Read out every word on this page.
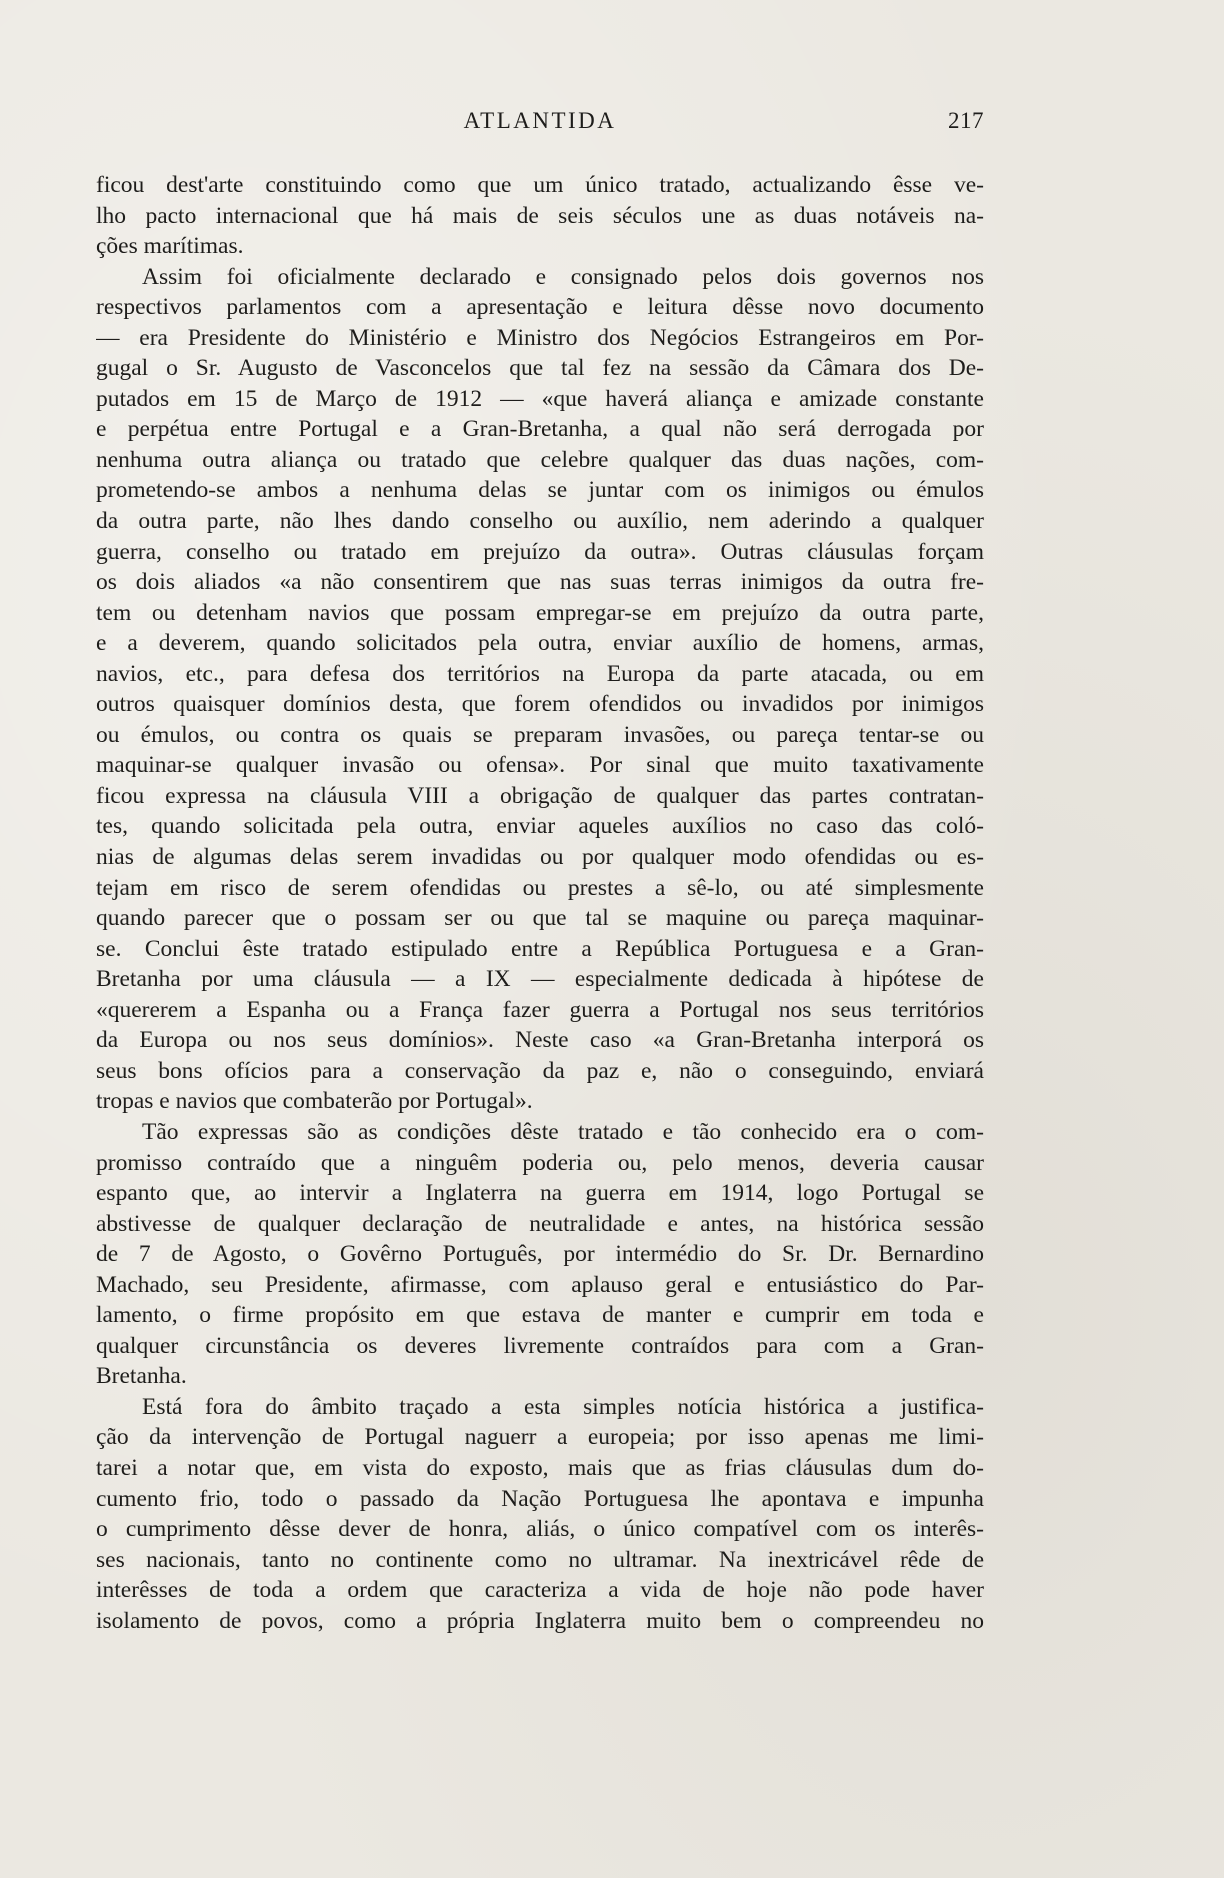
ATLANTIDA	217
ficou dest'arte constituindo como que um único tratado, actualizando êsse ve-
lho pacto internacional que há mais de seis séculos une as duas notáveis na-
ções marítimas.
Assim foi oficialmente declarado e consignado pelos dois governos nos
respectivos parlamentos com a apresentação e leitura dêsse novo documento
— era Presidente do Ministério e Ministro dos Negócios Estrangeiros em Por-
gugal o Sr. Augusto de Vasconcelos que tal fez na sessão da Câmara dos De-
putados em 15 de Março de 1912 — «que haverá aliança e amizade constante
e perpétua entre Portugal e a Gran-Bretanha, a qual não será derrogada por
nenhuma outra aliança ou tratado que celebre qualquer das duas nações, com-
prometendo-se ambos a nenhuma delas se juntar com os inimigos ou émulos
da outra parte, não lhes dando conselho ou auxílio, nem aderindo a qualquer
guerra, conselho ou tratado em prejuízo da outra». Outras cláusulas forçam
os dois aliados «a não consentirem que nas suas terras inimigos da outra fre-
tem ou detenham navios que possam empregar-se em prejuízo da outra parte,
e a deverem, quando solicitados pela outra, enviar auxílio de homens, armas,
navios, etc., para defesa dos territórios na Europa da parte atacada, ou em
outros quaisquer domínios desta, que forem ofendidos ou invadidos por inimigos
ou émulos, ou contra os quais se preparam invasões, ou pareça tentar-se ou
maquinar-se qualquer invasão ou ofensa». Por sinal que muito taxativamente
ficou expressa na cláusula VIII a obrigação de qualquer das partes contratan-
tes, quando solicitada pela outra, enviar aqueles auxílios no caso das coló-
nias de algumas delas serem invadidas ou por qualquer modo ofendidas ou es-
tejam em risco de serem ofendidas ou prestes a sê-lo, ou até simplesmente
quando parecer que o possam ser ou que tal se maquine ou pareça maquinar-
se. Conclui êste tratado estipulado entre a República Portuguesa e a Gran-
Bretanha por uma cláusula — a IX — especialmente dedicada à hipótese de
«quererem a Espanha ou a França fazer guerra a Portugal nos seus territórios
da Europa ou nos seus domínios». Neste caso «a Gran-Bretanha interporá os
seus bons ofícios para a conservação da paz e, não o conseguindo, enviará
tropas e navios que combaterão por Portugal».
Tão expressas são as condições dêste tratado e tão conhecido era o com-
promisso contraído que a ninguêm poderia ou, pelo menos, deveria causar
espanto que, ao intervir a Inglaterra na guerra em 1914, logo Portugal se
abstivesse de qualquer declaração de neutralidade e antes, na histórica sessão
de 7 de Agosto, o Govêrno Português, por intermédio do Sr. Dr. Bernardino
Machado, seu Presidente, afirmasse, com aplauso geral e entusiástico do Par-
lamento, o firme propósito em que estava de manter e cumprir em toda e
qualquer circunstância os deveres livremente contraídos para com a Gran-
Bretanha.
Está fora do âmbito traçado a esta simples notícia histórica a justifica-
ção da intervenção de Portugal naguerr a europeia; por isso apenas me limi-
tarei a notar que, em vista do exposto, mais que as frias cláusulas dum do-
cumento frio, todo o passado da Nação Portuguesa lhe apontava e impunha
o cumprimento dêsse dever de honra, aliás, o único compatível com os interês-
ses nacionais, tanto no continente como no ultramar. Na inextricável rêde de
interêsses de toda a ordem que caracteriza a vida de hoje não pode haver
isolamento de povos, como a própria Inglaterra muito bem o compreendeu no
